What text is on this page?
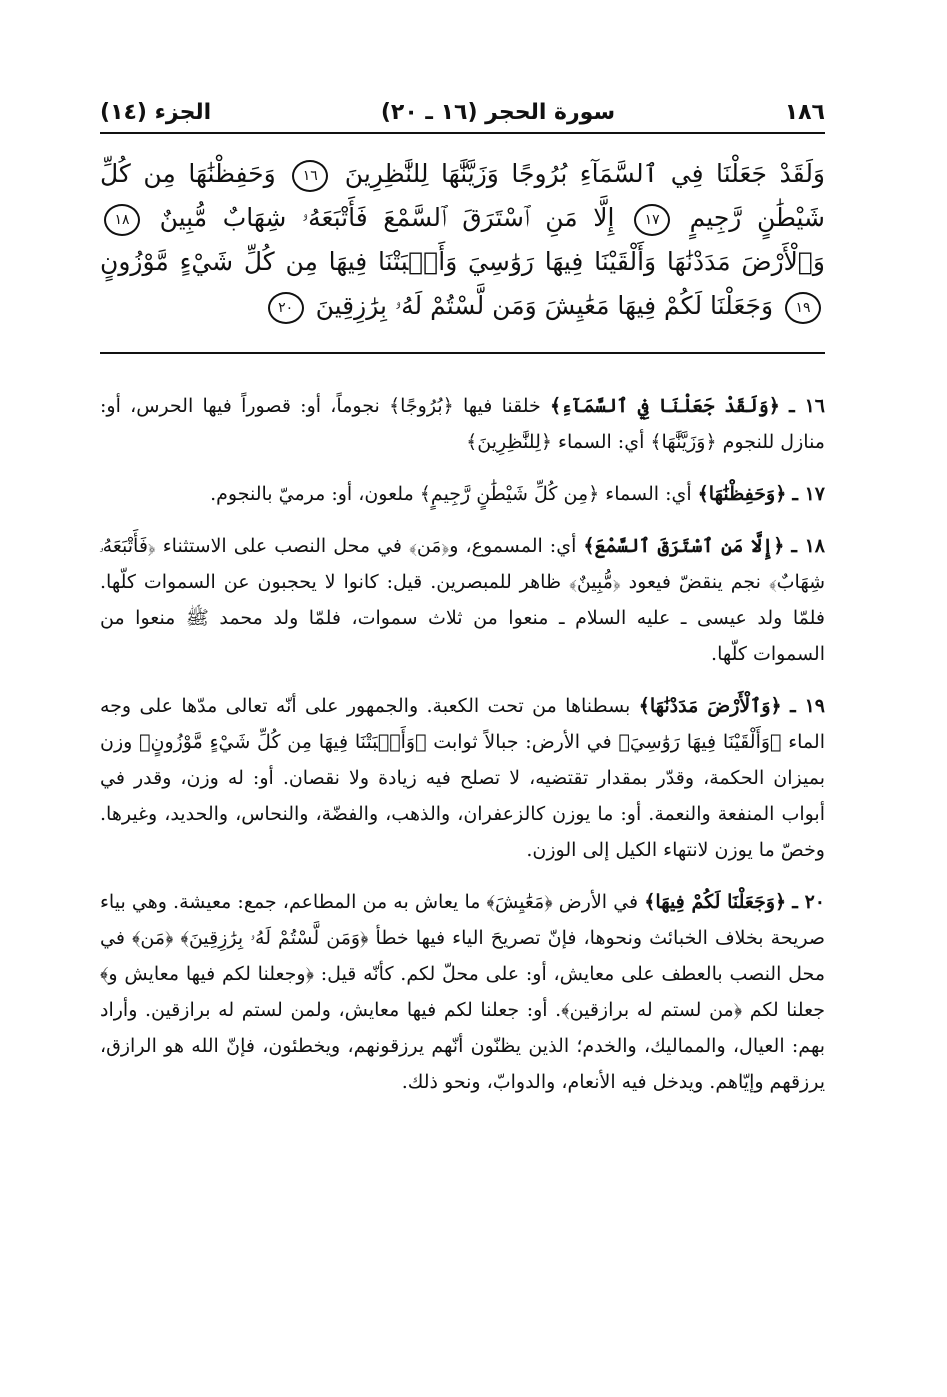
١٨٦
سورة الحجر (١٦ ـ ٢٠)
الجزء (١٤)
وَلَقَدْ جَعَلْنَا فِي ٱلسَّمَآءِ بُرُوجًا وَزَيَّنَّٰهَا لِلنَّٰظِرِينَ ١٦ وَحَفِظْنَٰهَا مِن كُلِّ شَيْطَٰنٍ رَّجِيمٍ ١٧ إِلَّا مَنِ ٱسْتَرَقَ ٱلسَّمْعَ فَأَتْبَعَهُۥ شِهَابٌ مُّبِينٌ ١٨ وَٱلْأَرْضَ مَدَدْنَٰهَا وَأَلْقَيْنَا فِيهَا رَوَٰسِيَ وَأَنۢبَتْنَا فِيهَا مِن كُلِّ شَيْءٍ مَّوْزُونٍ ١٩ وَجَعَلْنَا لَكُمْ فِيهَا مَعَٰيِشَ وَمَن لَّسْتُمْ لَهُۥ بِرَٰزِقِينَ ٢٠

١٦ ـ ﴿وَلَقَدْ جَعَلْنَا فِي ٱلسَّمَآءِ﴾ خلقنا فيها ﴿بُرُوجًا﴾ نجوماً، أو: قصوراً فيها الحرس، أو: منازل للنجوم ﴿وَزَيَّنَّٰهَا﴾ أي: السماء ﴿لِلنَّٰظِرِينَ﴾

١٧ ـ ﴿وَحَفِظْنَٰهَا﴾ أي: السماء ﴿مِن كُلِّ شَيْطَٰنٍ رَّجِيمٍ﴾ ملعون، أو: مرميّ بالنجوم.

١٨ ـ ﴿إِلَّا مَنِ ٱسْتَرَقَ ٱلسَّمْعَ﴾ أي: المسموع، و﴿مَن﴾ في محل النصب على الاستثناء ﴿فَأَتْبَعَهُۥ شِهَابٌ﴾ نجم ينقضّ فيعود ﴿مُّبِينٌ﴾ ظاهر للمبصرين. قيل: كانوا لا يحجبون عن السموات كلّها. فلمّا ولد عيسى ـ عليه السلام ـ منعوا من ثلاث سموات، فلمّا ولد محمد ﷺ منعوا من السموات كلّها.

١٩ ـ ﴿وَٱلْأَرْضَ مَدَدْنَٰهَا﴾ بسطناها من تحت الكعبة. والجمهور على أنّه تعالى مدّها على وجه الماء ﴿وَأَلْقَيْنَا فِيهَا رَوَٰسِيَ﴾ في الأرض: جبالاً ثوابت ﴿وَأَنۢبَتْنَا فِيهَا مِن كُلِّ شَيْءٍ مَّوْزُونٍ﴾ وزن بميزان الحكمة، وقدّر بمقدار تقتضيه، لا تصلح فيه زيادة ولا نقصان. أو: له وزن، وقدر في أبواب المنفعة والنعمة. أو: ما يوزن كالزعفران، والذهب، والفضّة، والنحاس، والحديد، وغيرها. وخصّ ما يوزن لانتهاء الكيل إلى الوزن.

٢٠ ـ ﴿وَجَعَلْنَا لَكُمْ فِيهَا﴾ في الأرض ﴿مَعَٰيِشَ﴾ ما يعاش به من المطاعم، جمع: معيشة. وهي بياء صريحة بخلاف الخبائث ونحوها، فإنّ تصريحَ الياء فيها خطأ ﴿وَمَن لَّسْتُمْ لَهُۥ بِرَٰزِقِينَ﴾ ﴿مَن﴾ في محل النصب بالعطف على معايش، أو: على محلّ لكم. كأنّه قيل: ﴿وجعلنا لكم فيها معايش و﴾ جعلنا لكم ﴿من لستم له برازقين﴾. أو: جعلنا لكم فيها معايش، ولمن لستم له برازقين. وأراد بهم: العيال، والمماليك، والخدم؛ الذين يظنّون أنّهم يرزقونهم، ويخطئون، فإنّ الله هو الرازق، يرزقهم وإيّاهم. ويدخل فيه الأنعام، والدوابّ، ونحو ذلك.
